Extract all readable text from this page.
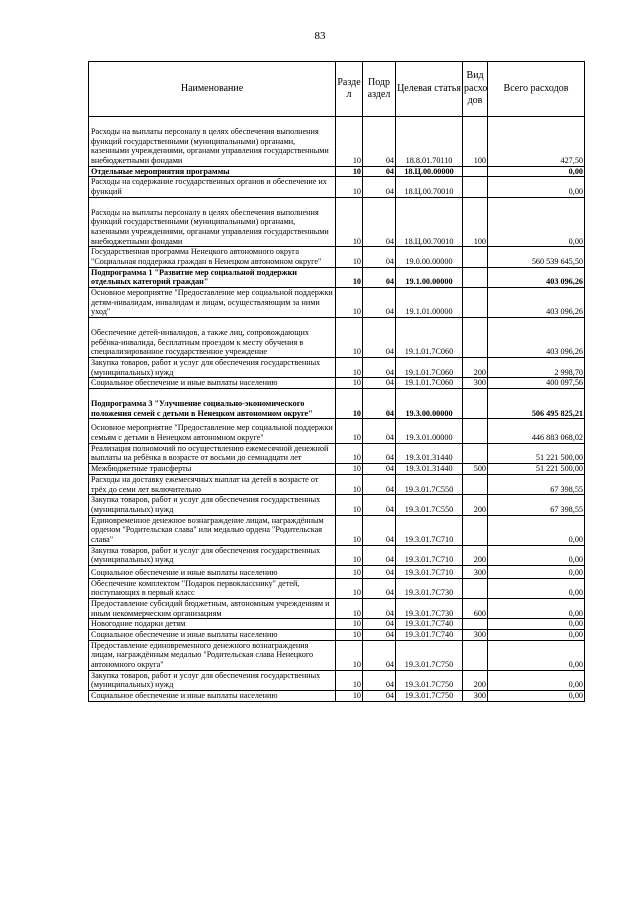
83
Наименование	Разде л	Подр аздел	Целевая статья	Вид расхо дов	Всего расходов
Расходы на выплаты персоналу в целях обеспечения выполнения функций государственными (муниципальными) органами, казенными учреждениями, органами управления государственными внебюджетными фондами	10	04	18.8.01.70110	100	427,50
Отдельные мероприятия программы	10	04	18.Ц.00.00000		0,00
Расходы на содержание государственных органов и обеспечение их функций	10	04	18.Ц.00.70010		0,00
Расходы на выплаты персоналу в целях обеспечения выполнения функций государственными (муниципальными) органами, казенными учреждениями, органами управления государственными внебюджетными фондами	10	04	18.Ц.00.70010	100	0,00
Государственная программа Ненецкого автономного округа "Социальная поддержка граждан в Ненецком автономном округе"	10	04	19.0.00.00000		560 539 645,50
Подпрограмма 1 "Развитие мер социальной поддержки отдельных категорий граждан"	10	04	19.1.00.00000		403 096,26
Основное мероприятие "Предоставление мер социальной поддержки детям-инвалидам, инвалидам и лицам, осуществляющим за ними уход"	10	04	19.1.01.00000		403 096,26
Обеспечение детей-инвалидов, а также лиц, сопровождающих ребёнка-инвалида, бесплатным проездом к месту обучения в специализированное государственное учреждение	10	04	19.1.01.7С060		403 096,26
Закупка товаров, работ и услуг для обеспечения государственных (муниципальных) нужд	10	04	19.1.01.7С060	200	2 998,70
Социальное обеспечение и иные выплаты населению	10	04	19.1.01.7С060	300	400 097,56
Подпрограмма 3 "Улучшение социально-экономического положения семей с детьми в Ненецком автономном округе"	10	04	19.3.00.00000		506 495 825,21
Основное мероприятие "Предоставление мер социальной поддержки семьям с детьми в Ненецком автономном округе"	10	04	19.3.01.00000		446 883 068,02
Реализация полномочий по осуществлению ежемесячной денежной выплаты на ребёнка в возрасте от восьми до семнадцати лет	10	04	19.3.01.31440		51 221 500,00
Межбюджетные трансферты	10	04	19.3.01.31440	500	51 221 500,00
Расходы на доставку ежемесячных выплат на детей в возрасте от трёх до семи лет включительно	10	04	19.3.01.7С550		67 398,55
Закупка товаров, работ и услуг для обеспечения государственных (муниципальных) нужд	10	04	19.3.01.7С550	200	67 398,55
Единовременное денежное вознаграждение лицам, награждённым орденом "Родительская слава" или медалью ордена "Родительская слава"	10	04	19.3.01.7С710		0,00
Закупка товаров, работ и услуг для обеспечения государственных (муниципальных) нужд	10	04	19.3.01.7С710	200	0,00
Социальное обеспечение и иные выплаты населению	10	04	19.3.01.7С710	300	0,00
Обеспечение комплектом "Подарок первокласснику" детей, поступающих в первый класс	10	04	19.3.01.7С730		0,00
Предоставление субсидий бюджетным, автономным учреждениям и иным некоммерческим организациям	10	04	19.3.01.7С730	600	0,00
Новогодние подарки детям	10	04	19.3.01.7С740		0,00
Социальное обеспечение и иные выплаты населению	10	04	19.3.01.7С740	300	0,00
Предоставление единовременного денежного вознаграждения лицам, награждённым медалью "Родительская слава Ненецкого автономного округа"	10	04	19.3.01.7С750		0,00
Закупка товаров, работ и услуг для обеспечения государственных (муниципальных) нужд	10	04	19.3.01.7С750	200	0,00
Социальное обеспечение и иные выплаты населению	10	04	19.3.01.7С750	300	0,00
